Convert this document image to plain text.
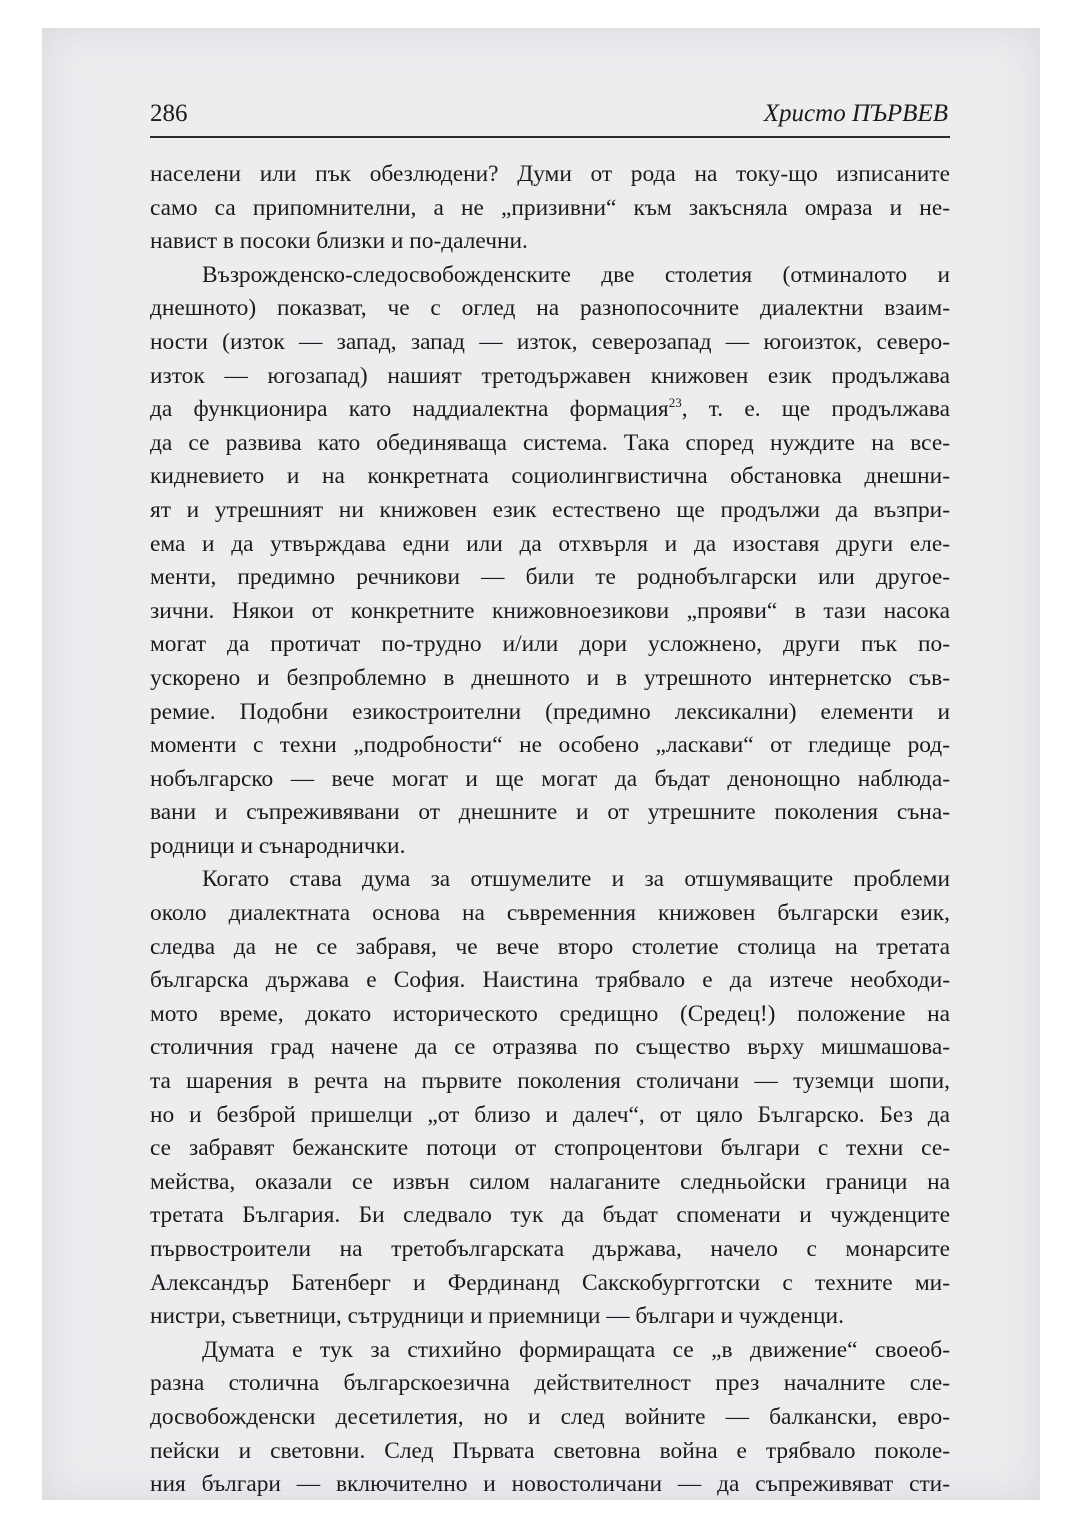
286	Христо ПЪРВЕВ
населени или пък обезлюдени? Думи от рода на току-що изписаните
само са припомнителни, а не „призивни“ към закъсняла омраза и не-
навист в посоки близки и по-далечни.
Възрожденско-следосвобожденските две столетия (отминалото и
днешното) показват, че с оглед на разнопосочните диалектни взаим-
ности (изток — запад, запад — изток, северозапад — югоизток, северо-
изток — югозапад) нашият третодържавен книжовен език продължава
да функционира като наддиалектна формация$^{23}$, т. е. ще продължава
да се развива като обединяваща система. Така според нуждите на все-
кидневието и на конкретната социолингвистична обстановка днешни-
ят и утрешният ни книжовен език естествено ще продължи да възпри-
ема и да утвърждава едни или да отхвърля и да изоставя други еле-
менти, предимно речникови — били те роднобългарски или другое-
зични. Някои от конкретните книжовноезикови „прояви“ в тази насока
могат да протичат по-трудно и/или дори усложнено, други пък по-
ускорено и безпроблемно в днешното и в утрешното интернетско съв-
ремие. Подобни езикостроителни (предимно лексикални) елементи и
моменти с техни „подробности“ не особено „ласкави“ от гледище род-
нобългарско — вече могат и ще могат да бъдат денонощно наблюда-
вани и съпреживявани от днешните и от утрешните поколения съна-
родници и сънароднички.
Когато става дума за отшумелите и за отшумяващите проблеми
около диалектната основа на съвременния книжовен български език,
следва да не се забравя, че вече второ столетие столица на третата
българска държава е София. Наистина трябвало е да изтече необходи-
мото време, докато историческото средищно (Средец!) положение на
столичния град начене да се отразява по същество върху мишмашова-
та шарения в речта на първите поколения столичани — туземци шопи,
но и безброй пришелци „от близо и далеч“, от цяло Българско. Без да
се забравят бежанските потоци от стопроцентови българи с техни се-
мейства, оказали се извън силом налаганите следньойски граници на
третата България. Би следвало тук да бъдат споменати и чужденците
първостроители на третобългарската държава, начело с монарсите
Александър Батенберг и Фердинанд Сакскобургготски с техните ми-
нистри, съветници, сътрудници и приемници — българи и чужденци.
Думата е тук за стихийно формиращата се „в движение“ своеоб-
разна столична българскоезична действителност през началните сле-
досвобожденски десетилетия, но и след войните — балкански, евро-
пейски и световни. След Първата световна война е трябвало поколе-
ния българи — включително и новостоличани — да съпреживяват сти-
